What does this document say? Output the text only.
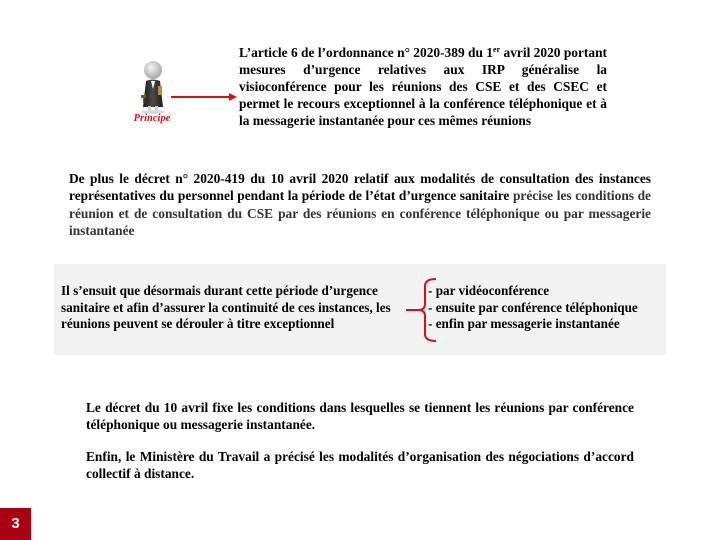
Principe
L’article 6 de l’ordonnance n° 2020-389 du 1er avril 2020 portant mesures d’urgence relatives aux IRP généralise la visioconférence pour les réunions des CSE et des CSEC et permet le recours exceptionnel à la conférence téléphonique et à la messagerie instantanée pour ces mêmes réunions
De plus le décret n° 2020-419 du 10 avril 2020 relatif aux modalités de consultation des instances représentatives du personnel pendant la période de l’état d’urgence sanitaire précise les conditions de réunion et de consultation du CSE par des réunions en conférence téléphonique ou par messagerie instantanée
Il s’ensuit que désormais durant cette période d’urgence
sanitaire et afin d’assurer la continuité de ces instances, les
réunions peuvent se dérouler à titre exceptionnel
- par vidéoconférence
- ensuite par conférence téléphonique
- enfin par messagerie instantanée

Le décret du 10 avril fixe les conditions dans lesquelles se tiennent les réunions par conférence téléphonique ou messagerie instantanée.

Enfin, le Ministère du Travail a précisé les modalités d’organisation des négociations d’accord collectif à distance.

3
